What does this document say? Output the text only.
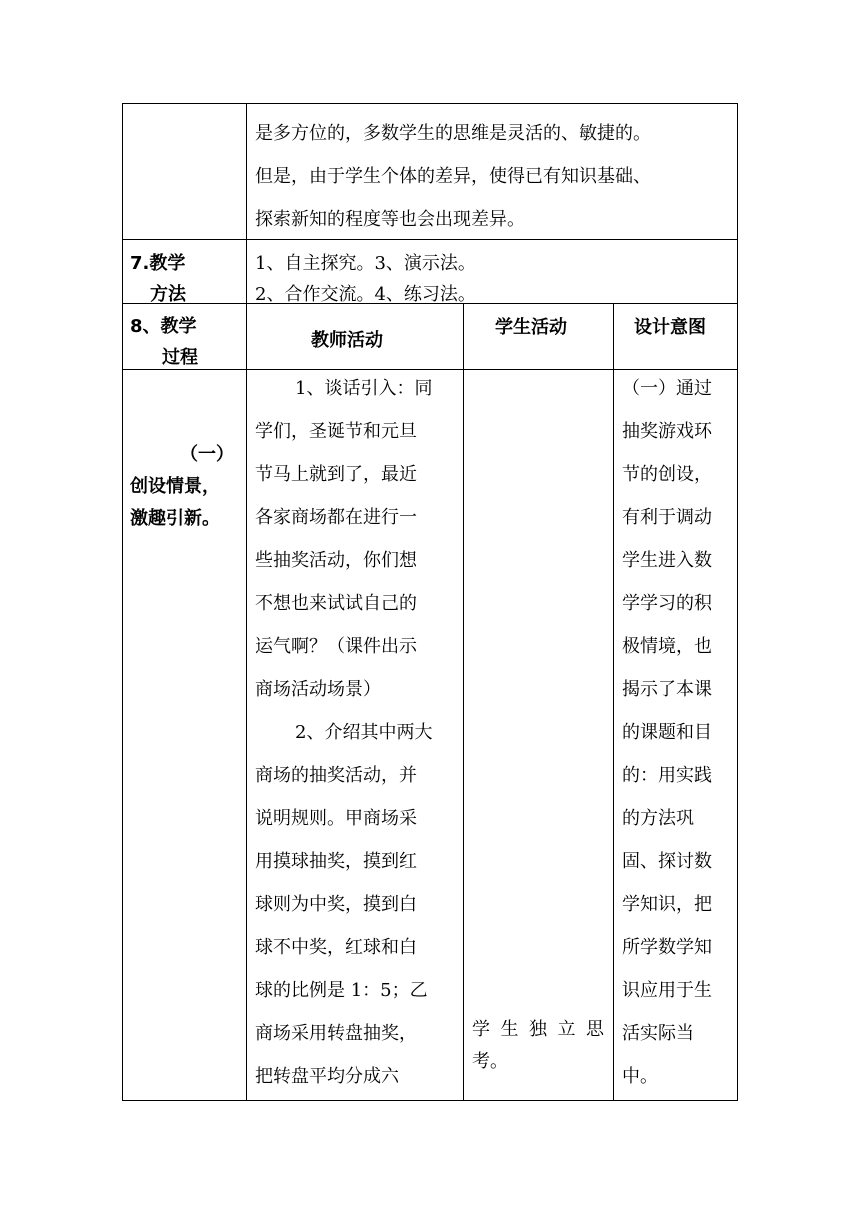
是多方位的，多数学生的思维是灵活的、敏捷的。
但是，由于学生个体的差异，使得已有知识基础、
探索新知的程度等也会出现差异。
7.教学
方法
1、自主探究。3、演示法。
2、合作交流。4、练习法。
8、教学
过程
教师活动
学生活动	设计意图
（一）
创设情景，
激趣引新。
1、谈话引入：同
学们，圣诞节和元旦
节马上就到了，最近
各家商场都在进行一
些抽奖活动，你们想
不想也来试试自己的
运气啊？（课件出示
商场活动场景）
2、介绍其中两大
商场的抽奖活动，并
说明规则。甲商场采
用摸球抽奖，摸到红
球则为中奖，摸到白
球不中奖，红球和白
球的比例是 1：5；乙
商场采用转盘抽奖，
把转盘平均分成六
学生独立思
考。
（一）通过
抽奖游戏环
节的创设，
有利于调动
学生进入数
学学习的积
极情境，也
揭示了本课
的课题和目
的：用实践
的方法巩
固、探讨数
学知识，把
所学数学知
识应用于生
活实际当
中。
